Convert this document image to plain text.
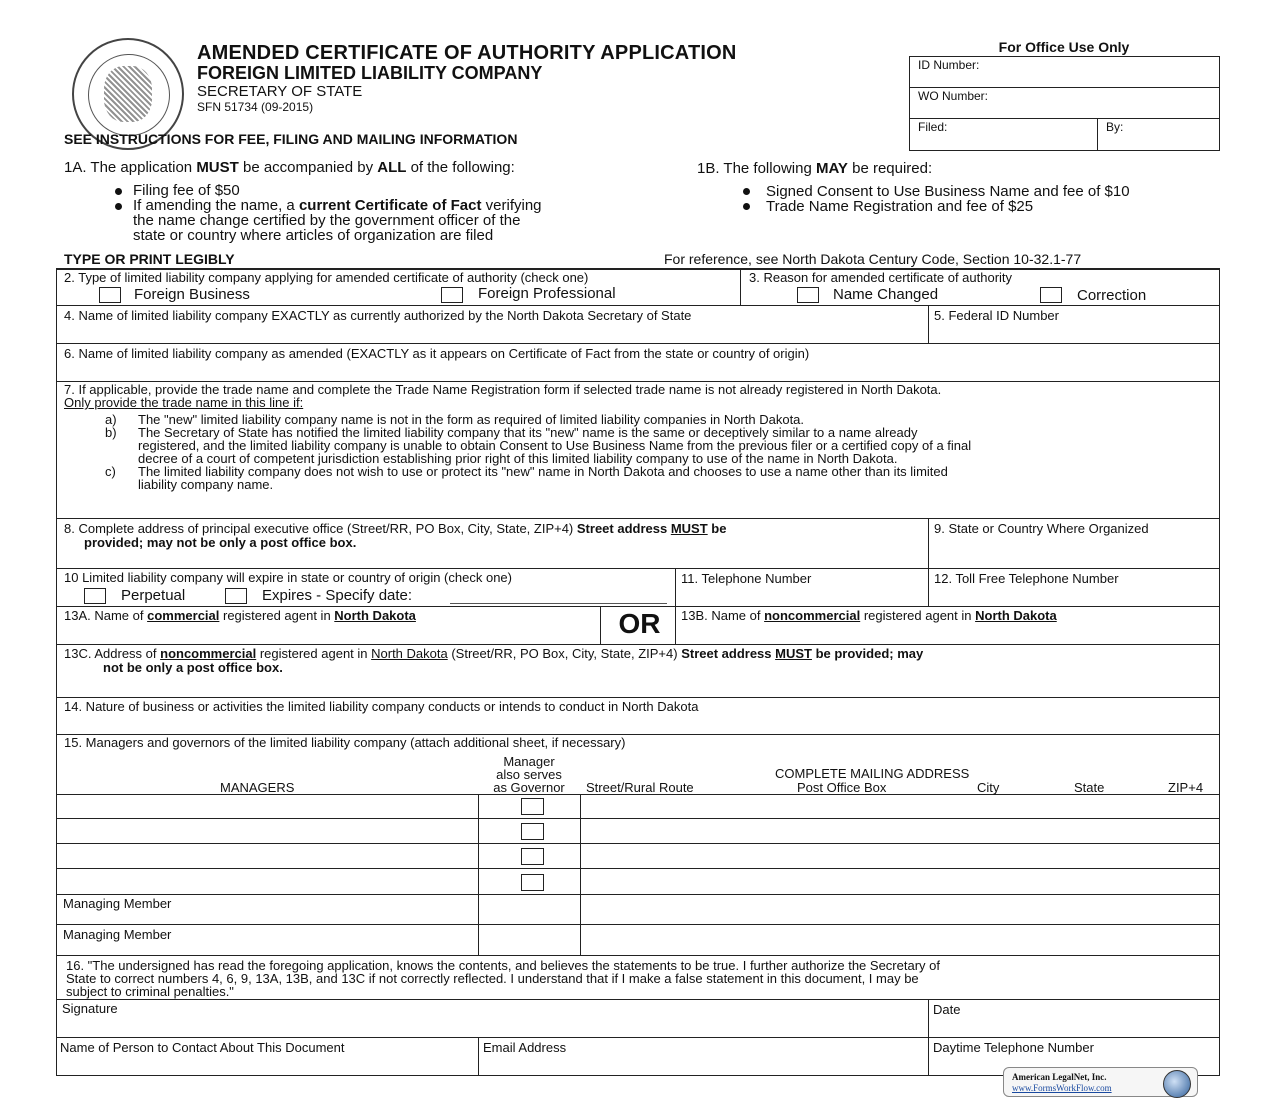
AMENDED CERTIFICATE OF AUTHORITY APPLICATION
FOREIGN LIMITED LIABILITY COMPANY
SECRETARY OF STATE
SFN 51734 (09-2015)
SEE INSTRUCTIONS FOR FEE, FILING AND MAILING INFORMATION
For Office Use Only
ID Number:
WO Number:
Filed:	By:
1A. The application MUST be accompanied by ALL of the following:
Filing fee of $50
If amending the name, a current Certificate of Fact verifying
the name change certified by the government officer of the
state or country where articles of organization are filed
1B. The following MAY be required:
Signed Consent to Use Business Name and fee of $10
Trade Name Registration and fee of $25
TYPE OR PRINT LEGIBLY	For reference, see North Dakota Century Code, Section 10-32.1-77
2. Type of limited liability company applying for amended certificate of authority (check one)
Foreign Business	Foreign Professional
3. Reason for amended certificate of authority
Name Changed	Correction
4. Name of limited liability company EXACTLY as currently authorized by the North Dakota Secretary of State	5. Federal ID Number
6. Name of limited liability company as amended (EXACTLY as it appears on Certificate of Fact from the state or country of origin)
7. If applicable, provide the trade name and complete the Trade Name Registration form if selected trade name is not already registered in North Dakota.
Only provide the trade name in this line if:
a) The "new" limited liability company name is not in the form as required of limited liability companies in North Dakota.
b) The Secretary of State has notified the limited liability company that its "new" name is the same or deceptively similar to a name already
registered, and the limited liability company is unable to obtain Consent to Use Business Name from the previous filer or a certified copy of a final
decree of a court of competent jurisdiction establishing prior right of this limited liability company to use of the name in North Dakota.
c) The limited liability company does not wish to use or protect its "new" name in North Dakota and chooses to use a name other than its limited
liability company name.
8. Complete address of principal executive office (Street/RR, PO Box, City, State, ZIP+4) Street address MUST be
provided; may not be only a post office box.
9. State or Country Where Organized
10 Limited liability company will expire in state or country of origin (check one)
Perpetual	Expires - Specify date:
11. Telephone Number	12. Toll Free Telephone Number
13A. Name of commercial registered agent in North Dakota	OR	13B. Name of noncommercial registered agent in North Dakota
13C. Address of noncommercial registered agent in North Dakota (Street/RR, PO Box, City, State, ZIP+4) Street address MUST be provided; may
not be only a post office box.
14. Nature of business or activities the limited liability company conducts or intends to conduct in North Dakota
15. Managers and governors of the limited liability company (attach additional sheet, if necessary)
MANAGERS
Manager
also serves
as Governor
COMPLETE MAILING ADDRESS
Street/Rural Route	Post Office Box	City	State	ZIP+4
Managing Member
Managing Member
16. "The undersigned has read the foregoing application, knows the contents, and believes the statements to be true. I further authorize the Secretary of
State to correct numbers 4, 6, 9, 13A, 13B, and 13C if not correctly reflected. I understand that if I make a false statement in this document, I may be
subject to criminal penalties."
Signature	Date
Name of Person to Contact About This Document	Email Address	Daytime Telephone Number
American LegalNet, Inc.
www.FormsWorkFlow.com
